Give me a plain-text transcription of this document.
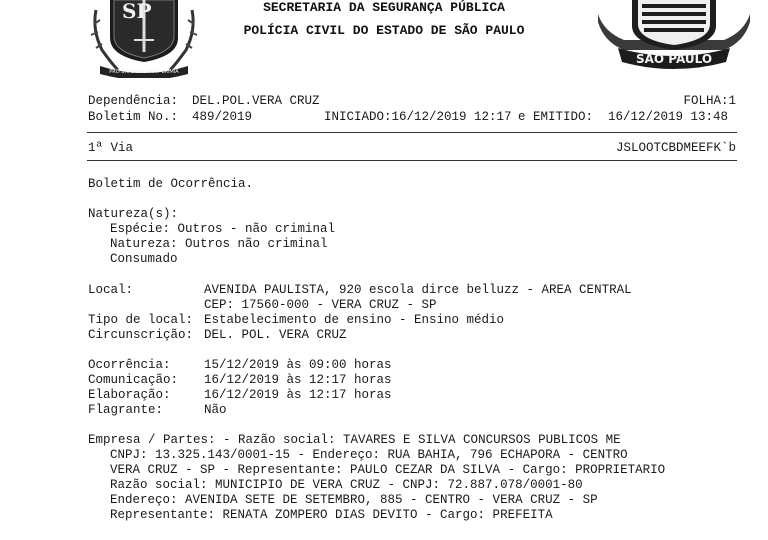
SP
PRO BRASILIA FIANT EXIMIA
SÃO PAULO
SECRETARIA DA SEGURANÇA PÚBLICA
POLÍCIA CIVIL DO ESTADO DE SÃO PAULO
Dependência: DEL.POL.VERA CRUZ	FOLHA:1
Boletim No.: 489/2019	INICIADO:16/12/2019 12:17 e EMITIDO:  16/12/2019 13:48
1ª Via	JSLOOTCBDMEEFK`b
Boletim de Ocorrência.
Natureza(s):
Espécie: Outros - não criminal
Natureza: Outros não criminal
Consumado
Local:	AVENIDA PAULISTA, 920 escola dirce belluzz - AREA CENTRAL
CEP: 17560-000 - VERA CRUZ - SP
Tipo de local: Estabelecimento de ensino - Ensino médio
Circunscrição: DEL. POL. VERA CRUZ
Ocorrência:	15/12/2019 às 09:00 horas
Comunicação: 16/12/2019 às 12:17 horas
Elaboração:	16/12/2019 às 12:17 horas
Flagrante:	Não
Empresa / Partes: - Razão social: TAVARES E SILVA CONCURSOS PUBLICOS ME
CNPJ: 13.325.143/0001-15 - Endereço: RUA BAHIA, 796 ECHAPORA - CENTRO
VERA CRUZ - SP - Representante: PAULO CEZAR DA SILVA - Cargo: PROPRIETARIO
Razão social: MUNICIPIO DE VERA CRUZ - CNPJ: 72.887.078/0001-80
Endereço: AVENIDA SETE DE SETEMBRO, 885 - CENTRO - VERA CRUZ - SP
Representante: RENATA ZOMPERO DIAS DEVITO - Cargo: PREFEITA
